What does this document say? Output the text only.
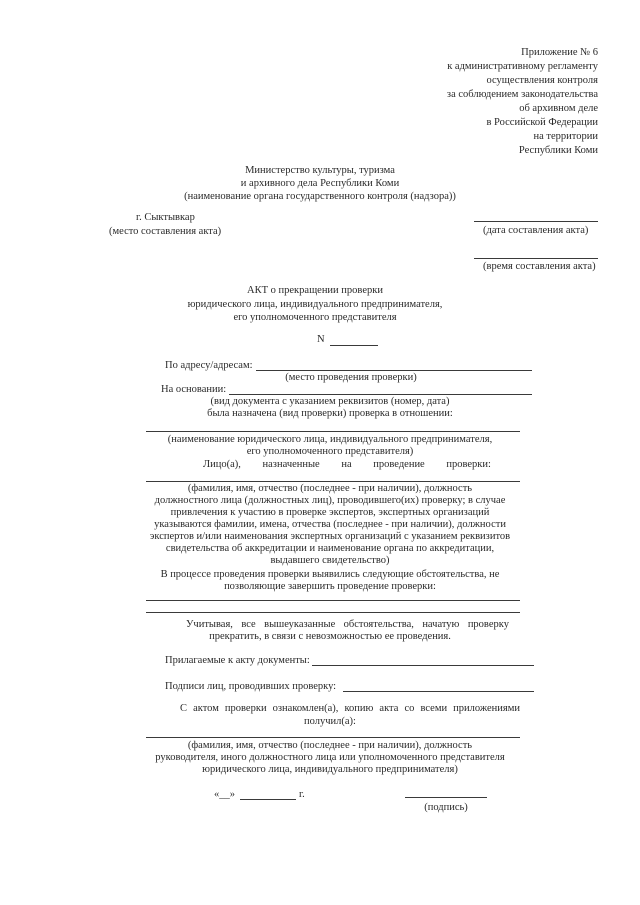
Приложение № 6
к административному регламенту
осуществления контроля
за соблюдением законодательства
об архивном деле
в Российской Федерации
на территории
Республики Коми
Министерство культуры, туризма
и архивного дела Республики Коми
(наименование органа государственного контроля (надзора))
г. Сыктывкар
(место составления акта)	(дата составления акта)
(время составления акта)
АКТ о прекращении проверки
юридического лица, индивидуального предпринимателя,
его уполномоченного представителя
N
По адресу/адресам:
(место проведения проверки)
На основании:
(вид документа с указанием реквизитов (номер, дата)
была назначена (вид проверки) проверка в отношении:
(наименование юридического лица, индивидуального предпринимателя,
его уполномоченного представителя)
Лицо(а), назначенные на проведение проверки:
(фамилия, имя, отчество (последнее - при наличии), должность
должностного лица (должностных лиц), проводившего(их) проверку; в случае
привлечения к участию в проверке экспертов, экспертных организаций
указываются фамилии, имена, отчества (последнее - при наличии), должности
экспертов и/или наименования экспертных организаций с указанием реквизитов
свидетельства об аккредитации и наименование органа по аккредитации,
выдавшего свидетельство)
В процессе проведения проверки выявились следующие обстоятельства, не
позволяющие завершить проведение проверки:
Учитывая, все вышеуказанные обстоятельства, начатую проверку
прекратить, в связи с невозможностью ее проведения.
Прилагаемые к акту документы:
Подписи лиц, проводивших проверку:
С актом проверки ознакомлен(а), копию акта со всеми приложениями
получил(а):
(фамилия, имя, отчество (последнее - при наличии), должность
руководителя, иного должностного лица или уполномоченного представителя
юридического лица, индивидуального предпринимателя)
«__»	г.
(подпись)
